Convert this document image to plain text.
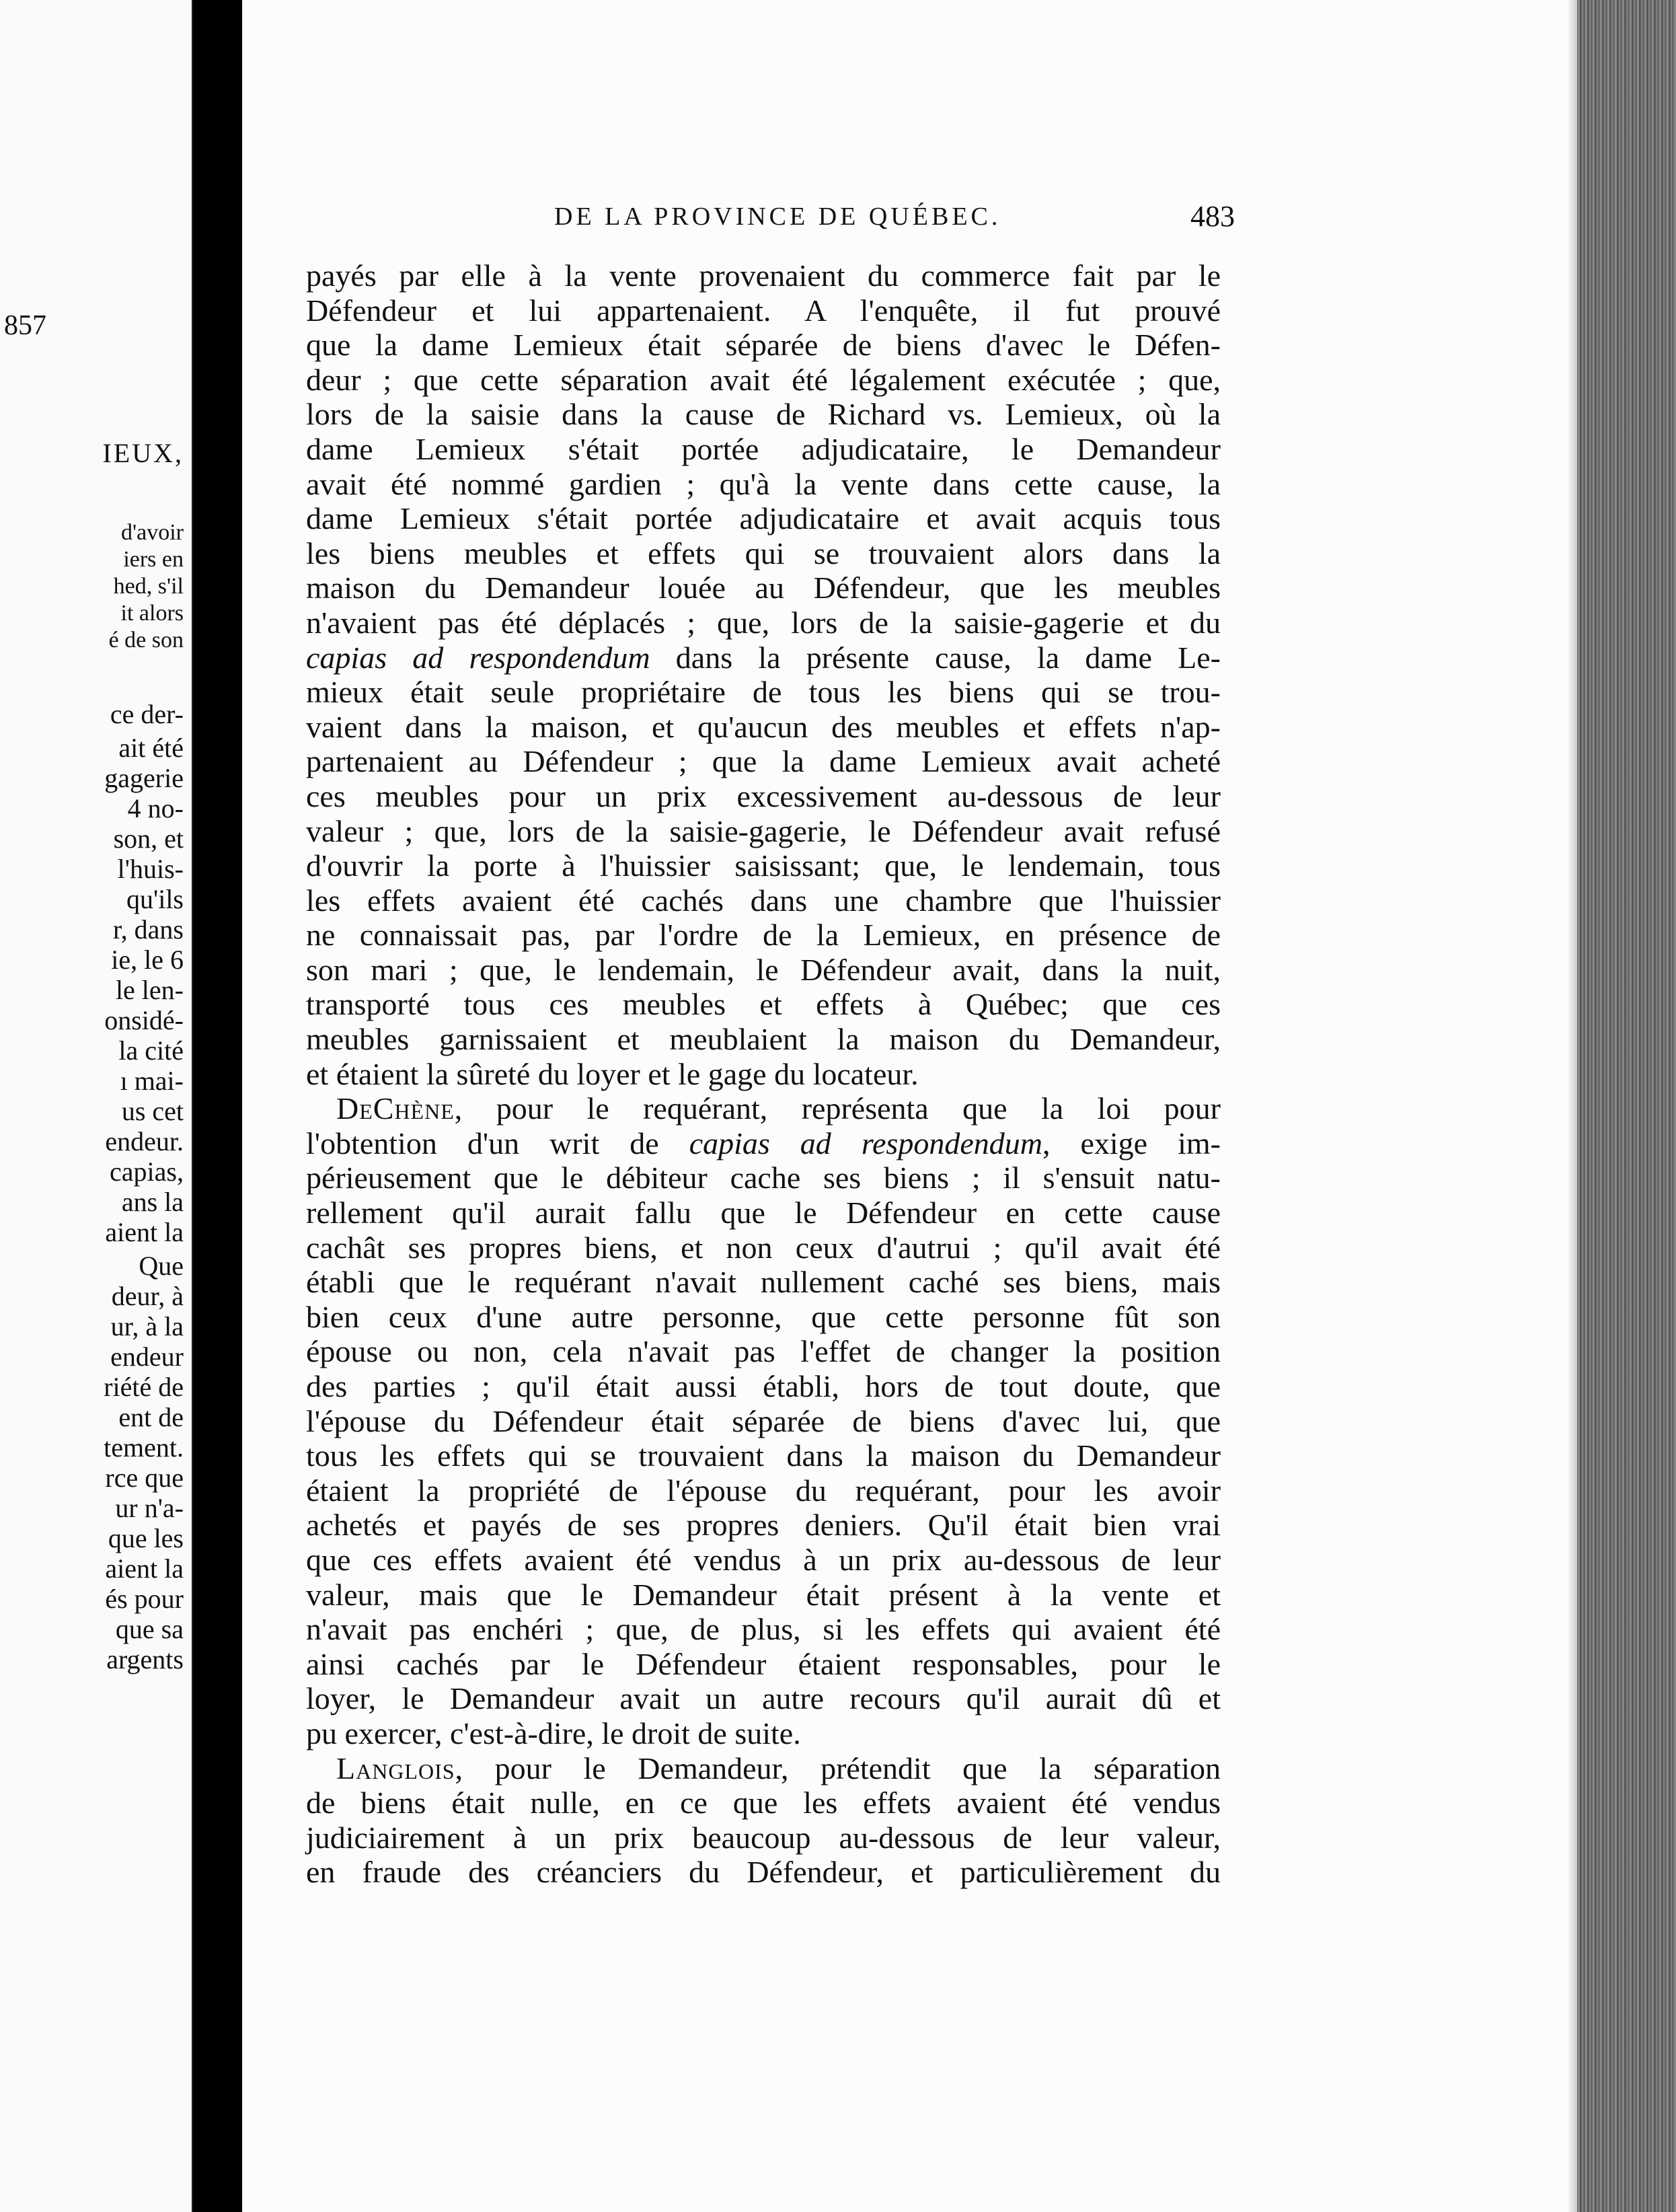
857
IEUX,
d'avoir
iers en
hed, s'il
it alors
é de son
ce der-
ait été
gagerie
4 no-
son, et
l'huis-
qu'ils
r, dans
ie, le 6
le len-
onsidé-
la cité
ı mai-
us cet
endeur.
capias,
ans la
aient la
Que
deur, à
ur, à la
endeur
riété de
ent de
tement.
rce que
ur n'a-
que les
aient la
és pour
que sa
argents
DE LA PROVINCE DE QUÉBEC.	483
payés par elle à la vente provenaient du commerce fait par le
Défendeur et lui appartenaient. A l'enquête, il fut prouvé
que la dame Lemieux était séparée de biens d'avec le Défen-
deur ; que cette séparation avait été légalement exécutée ; que,
lors de la saisie dans la cause de Richard vs. Lemieux, où la
dame Lemieux s'était portée adjudicataire, le Demandeur
avait été nommé gardien ; qu'à la vente dans cette cause, la
dame Lemieux s'était portée adjudicataire et avait acquis tous
les biens meubles et effets qui se trouvaient alors dans la
maison du Demandeur louée au Défendeur, que les meubles
n'avaient pas été déplacés ; que, lors de la saisie-gagerie et du
capias ad respondendum dans la présente cause, la dame Le-
mieux était seule propriétaire de tous les biens qui se trou-
vaient dans la maison, et qu'aucun des meubles et effets n'ap-
partenaient au Défendeur ; que la dame Lemieux avait acheté
ces meubles pour un prix excessivement au-dessous de leur
valeur ; que, lors de la saisie-gagerie, le Défendeur avait refusé
d'ouvrir la porte à l'huissier saisissant; que, le lendemain, tous
les effets avaient été cachés dans une chambre que l'huissier
ne connaissait pas, par l'ordre de la Lemieux, en présence de
son mari ; que, le lendemain, le Défendeur avait, dans la nuit,
transporté tous ces meubles et effets à Québec; que ces
meubles garnissaient et meublaient la maison du Demandeur,
et étaient la sûreté du loyer et le gage du locateur.
DeChène, pour le requérant, représenta que la loi pour
l'obtention d'un writ de capias ad respondendum, exige im-
périeusement que le débiteur cache ses biens ; il s'ensuit natu-
rellement qu'il aurait fallu que le Défendeur en cette cause
cachât ses propres biens, et non ceux d'autrui ; qu'il avait été
établi que le requérant n'avait nullement caché ses biens, mais
bien ceux d'une autre personne, que cette personne fût son
épouse ou non, cela n'avait pas l'effet de changer la position
des parties ; qu'il était aussi établi, hors de tout doute, que
l'épouse du Défendeur était séparée de biens d'avec lui, que
tous les effets qui se trouvaient dans la maison du Demandeur
étaient la propriété de l'épouse du requérant, pour les avoir
achetés et payés de ses propres deniers. Qu'il était bien vrai
que ces effets avaient été vendus à un prix au-dessous de leur
valeur, mais que le Demandeur était présent à la vente et
n'avait pas enchéri ; que, de plus, si les effets qui avaient été
ainsi cachés par le Défendeur étaient responsables, pour le
loyer, le Demandeur avait un autre recours qu'il aurait dû et
pu exercer, c'est-à-dire, le droit de suite.
Langlois, pour le Demandeur, prétendit que la séparation
de biens était nulle, en ce que les effets avaient été vendus
judiciairement à un prix beaucoup au-dessous de leur valeur,
en fraude des créanciers du Défendeur, et particulièrement du
